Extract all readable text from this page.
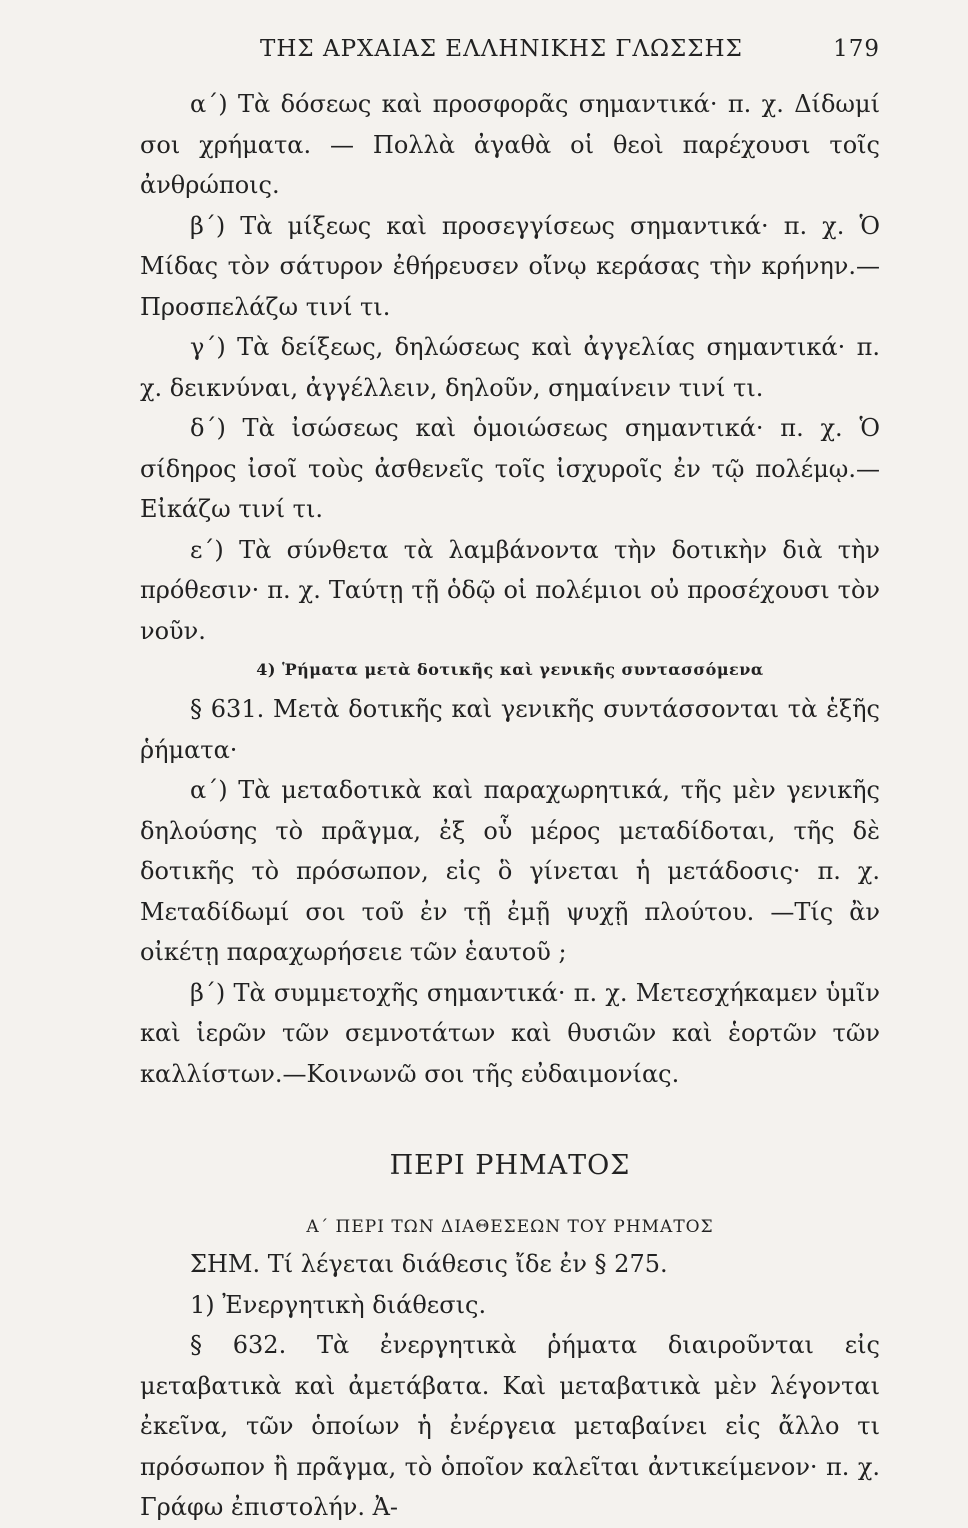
ΤΗΣ ΑΡΧΑΙΑΣ ΕΛΛΗΝΙΚΗΣ ΓΛΩΣΣΗΣ	179

α΄) Τὰ δόσεως καὶ προσφορᾶς σημαντικά· π. χ. Δίδωμί σοι χρήματα. — Πολλὰ ἀγαθὰ οἱ θεοὶ παρέχουσι τοῖς ἀνθρώποις.

β΄) Τὰ μίξεως καὶ προσεγγίσεως σημαντικά· π. χ. Ὁ Μίδας τὸν σάτυρον ἐθήρευσεν οἴνῳ κεράσας τὴν κρήνην.—Προσπελάζω τινί τι.

γ΄) Τὰ δείξεως, δηλώσεως καὶ ἀγγελίας σημαντικά· π. χ. δεικνύναι, ἀγγέλλειν, δηλοῦν, σημαίνειν τινί τι.

δ΄) Τὰ ἰσώσεως καὶ ὁμοιώσεως σημαντικά· π. χ. Ὁ σίδηρος ἰσοῖ τοὺς ἀσθενεῖς τοῖς ἰσχυροῖς ἐν τῷ πολέμῳ.—Εἰκάζω τινί τι.

ε΄) Τὰ σύνθετα τὰ λαμβάνοντα τὴν δοτικὴν διὰ τὴν πρόθεσιν· π. χ. Ταύτῃ τῇ ὁδῷ οἱ πολέμιοι οὐ προσέχουσι τὸν νοῦν.

4) Ῥήματα μετὰ δοτικῆς καὶ γενικῆς συντασσόμενα

§ 631. Μετὰ δοτικῆς καὶ γενικῆς συντάσσονται τὰ ἑξῆς ῥήματα·

α΄) Τὰ μεταδοτικὰ καὶ παραχωρητικά, τῆς μὲν γενικῆς δηλούσης τὸ πρᾶγμα, ἐξ οὗ μέρος μεταδίδοται, τῆς δὲ δοτικῆς τὸ πρόσωπον, εἰς ὃ γίνεται ἡ μετάδοσις· π. χ. Μεταδίδωμί σοι τοῦ ἐν τῇ ἐμῇ ψυχῇ πλούτου. —Τίς ἂν οἰκέτῃ παραχωρήσειε τῶν ἑαυτοῦ ;

β΄) Τὰ συμμετοχῆς σημαντικά· π. χ. Μετεσχήκαμεν ὑμῖν καὶ ἱερῶν τῶν σεμνοτάτων καὶ θυσιῶν καὶ ἑορτῶν τῶν καλλίστων.—Κοινωνῶ σοι τῆς εὐδαιμονίας.

ΠΕΡΙ ΡΗΜΑΤΟΣ

Α΄ ΠΕΡΙ ΤΩΝ ΔΙΑΘΕΣΕΩΝ ΤΟΥ ΡΗΜΑΤΟΣ

ΣΗΜ. Τί λέγεται διάθεσις ἴδε ἐν § 275.

1) Ἐνεργητικὴ διάθεσις.

§ 632. Τὰ ἐνεργητικὰ ῥήματα διαιροῦνται εἰς μεταβατικὰ καὶ ἀμετάβατα. Καὶ μεταβατικὰ μὲν λέγονται ἐκεῖνα, τῶν ὁποίων ἡ ἐνέργεια μεταβαίνει εἰς ἄλλο τι πρόσωπον ἢ πρᾶγμα, τὸ ὁποῖον καλεῖται ἀντικείμενον· π. χ. Γράφω ἐπιστολήν. Ἀ-
